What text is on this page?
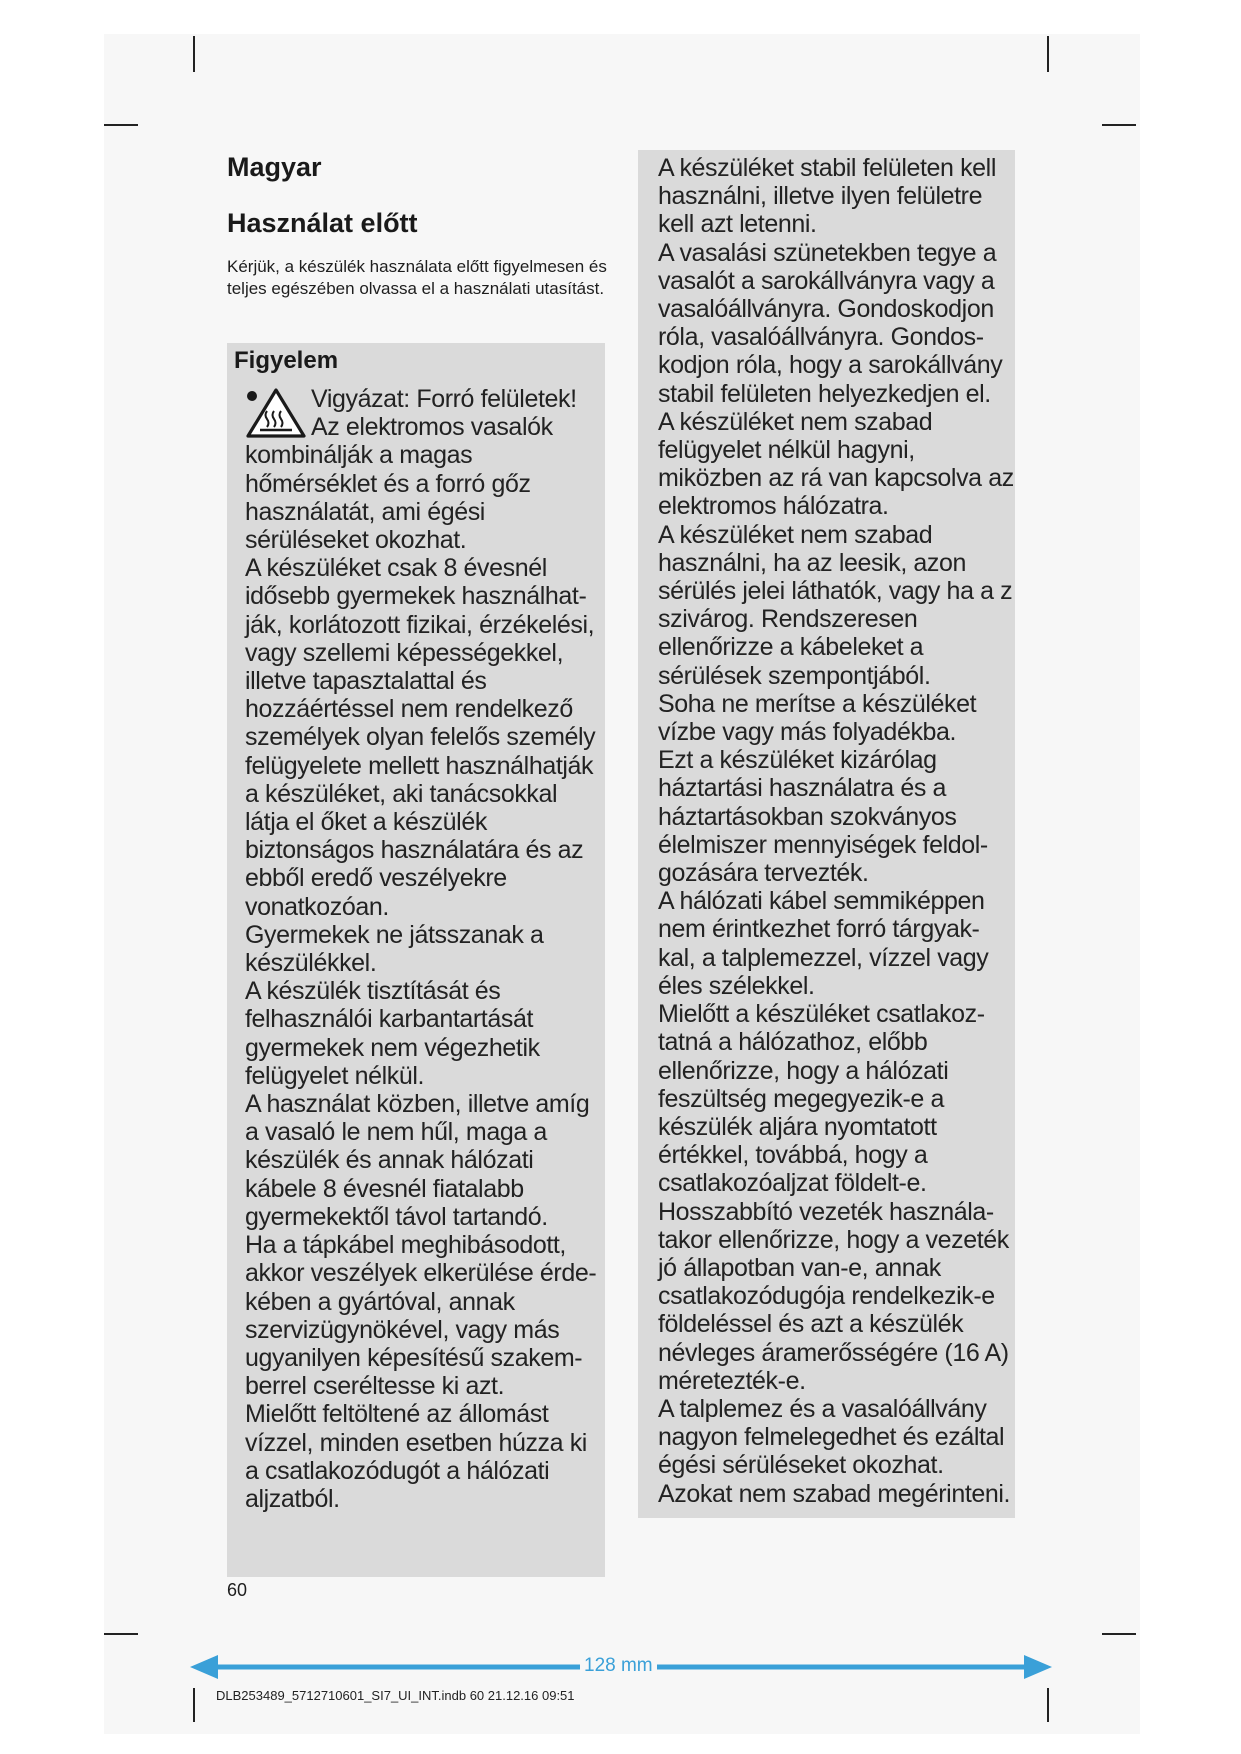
Magyar
Használat előtt

Kérjük, a készülék használata előtt figyelmesen és teljes egészében olvassa el a használati utasítást.

Figyelem

Vigyázat: Forró felületek! Az elektromos vasalók kombinálják a magas hőmérséklet és a forró gőz használatát, ami égési sérüléseket okozhat.

A készüléket csak 8 évesnél idősebb gyermekek használhat-ják, korlátozott fizikai, érzékelési, vagy szellemi képességekkel, illetve tapasztalattal és hozzáértéssel nem rendelkező személyek olyan felelős személy felügyelete mellett használhatják a készüléket, aki tanácsokkal látja el őket a készülék biztonságos használatára és az ebből eredő veszélyekre vonatkozóan.

Gyermekek ne játsszanak a készülékkel.

A készülék tisztítását és felhasználói karbantartását gyermekek nem végezhetik felügyelet nélkül.

A használat közben, illetve amíg a vasaló le nem hűl, maga a készülék és annak hálózati kábele 8 évesnél fiatalabb gyermekektől távol tartandó.

Ha a tápkábel meghibásodott, akkor veszélyek elkerülése érde-kében a gyártóval, annak szervizügynökével, vagy más ugyanilyen képesítésű szakem-berrel cseréltesse ki azt.

Mielőtt feltöltené az állomást vízzel, minden esetben húzza ki a csatlakozódugót a hálózati aljzatból.

A készüléket stabil felületen kell használni, illetve ilyen felületre kell azt letenni.

A vasalási szünetekben tegye a vasalót a sarokállványra vagy a vasalóállványra. Gondoskodjon róla, vasalóállványra. Gondos-kodjon róla, hogy a sarokállvány stabil felületen helyezkedjen el.

A készüléket nem szabad felügyelet nélkül hagyni, miközben az rá van kapcsolva az elektromos hálózatra.

A készüléket nem szabad használni, ha az leesik, azon sérülés jelei láthatók, vagy ha a z szivárog. Rendszeresen ellenőrizze a kábeleket a sérülések szempontjából.

Soha ne merítse a készüléket vízbe vagy más folyadékba.

Ezt a készüléket kizárólag háztartási használatra és a háztartásokban szokványos élelmiszer mennyiségek feldol-gozására tervezték.

A hálózati kábel semmiképpen nem érintkezhet forró tárgyak-kal, a talplemezzel, vízzel vagy éles szélekkel.

Mielőtt a készüléket csatlakoz-tatná a hálózathoz, előbb ellenőrizze, hogy a hálózati feszültség megegyezik-e a készülék aljára nyomtatott értékkel, továbbá, hogy a csatlakozóaljzat földelt-e.

Hosszabbító vezeték használa-takor ellenőrizze, hogy a vezeték jó állapotban van-e, annak csatlakozódugója rendelkezik-e földeléssel és azt a készülék névleges áramerősségére (16 A) méretezték-e.

A talplemez és a vasalóállvány nagyon felmelegedhet és ezáltal égési sérüléseket okozhat. Azokat nem szabad megérinteni.

60
128 mm
DLB253489_5712710601_SI7_UI_INT.indb 60 21.12.16 09:51
